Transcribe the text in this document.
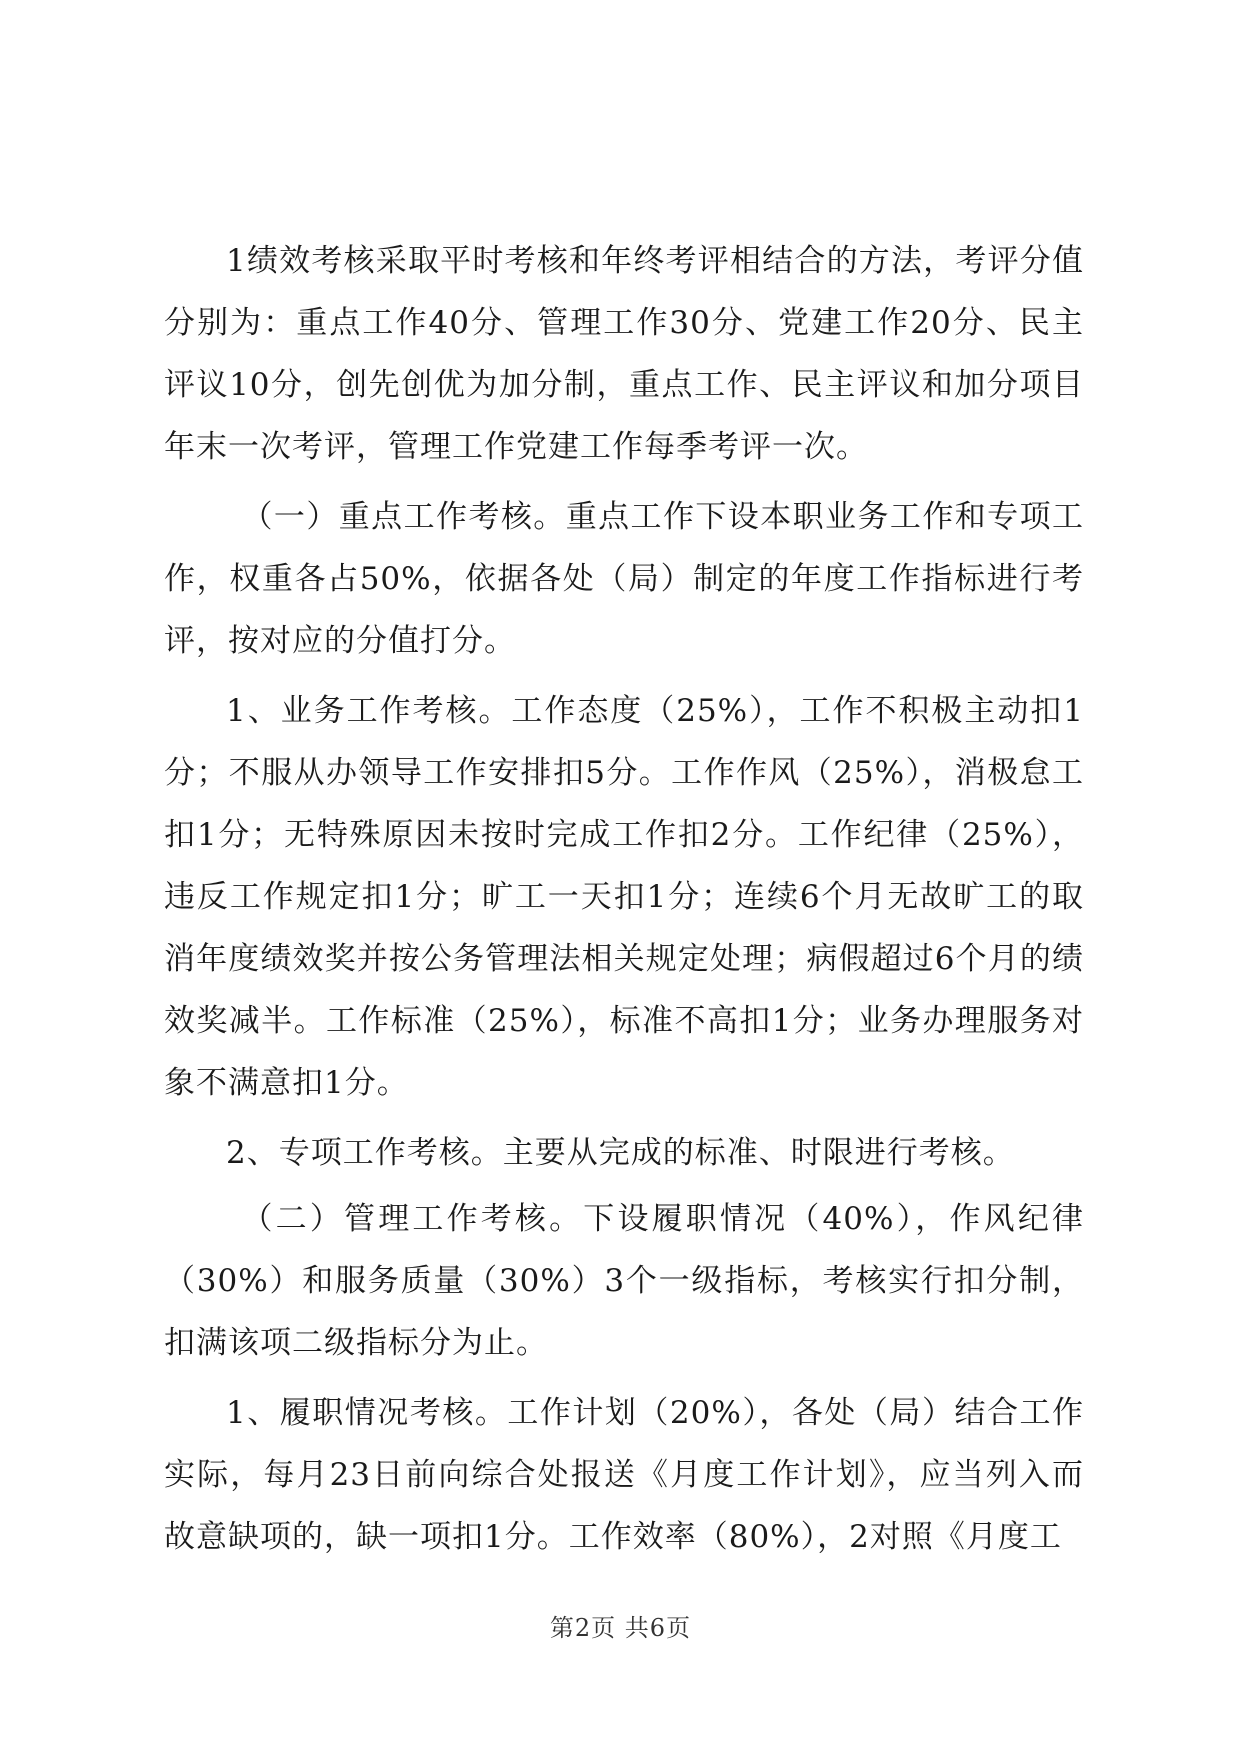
1绩效考核采取平时考核和年终考评相结合的方法，考评分值分别为：重点工作40分、管理工作30分、党建工作20分、民主评议10分，创先创优为加分制，重点工作、民主评议和加分项目年末一次考评，管理工作党建工作每季考评一次。

（一）重点工作考核。重点工作下设本职业务工作和专项工作，权重各占50%，依据各处（局）制定的年度工作指标进行考评，按对应的分值打分。

1、业务工作考核。工作态度（25%），工作不积极主动扣1分；不服从办领导工作安排扣5分。工作作风（25%），消极怠工扣1分；无特殊原因未按时完成工作扣2分。工作纪律（25%），违反工作规定扣1分；旷工一天扣1分；连续6个月无故旷工的取消年度绩效奖并按公务管理法相关规定处理；病假超过6个月的绩效奖减半。工作标准（25%），标准不高扣1分；业务办理服务对象不满意扣1分。

2、专项工作考核。主要从完成的标准、时限进行考核。

（二）管理工作考核。下设履职情况（40%），作风纪律（30%）和服务质量（30%）3个一级指标，考核实行扣分制，扣满该项二级指标分为止。

1、履职情况考核。工作计划（20%），各处（局）结合工作实际，每月23日前向综合处报送《月度工作计划》，应当列入而故意缺项的，缺一项扣1分。工作效率（80%），2对照《月度工

第2页 共6页
